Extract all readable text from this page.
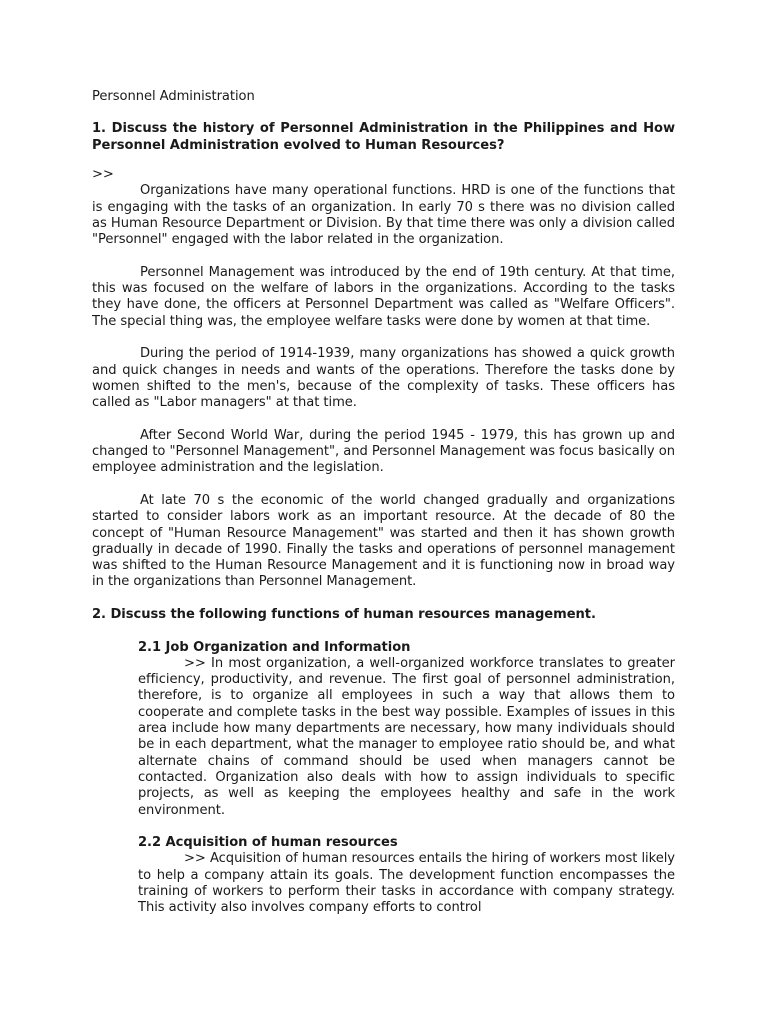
Personnel Administration

1. Discuss the history of Personnel Administration in the Philippines and How Personnel Administration evolved to Human Resources?

>>

Organizations have many operational functions. HRD is one of the functions that is engaging with the tasks of an organization. In early 70 s there was no division called as Human Resource Department or Division. By that time there was only a division called "Personnel" engaged with the labor related in the organization.

Personnel Management was introduced by the end of 19th century. At that time, this was focused on the welfare of labors in the organizations. According to the tasks they have done, the officers at Personnel Department was called as "Welfare Officers". The special thing was, the employee welfare tasks were done by women at that time.

During the period of 1914-1939, many organizations has showed a quick growth and quick changes in needs and wants of the operations. Therefore the tasks done by women shifted to the men's, because of the complexity of tasks. These officers has called as "Labor managers" at that time.

After Second World War, during the period 1945 - 1979, this has grown up and changed to "Personnel Management", and Personnel Management was focus basically on employee administration and the legislation.

At late 70 s the economic of the world changed gradually and organizations started to consider labors work as an important resource. At the decade of 80 the concept of "Human Resource Management" was started and then it has shown growth gradually in decade of 1990. Finally the tasks and operations of personnel management was shifted to the Human Resource Management and it is functioning now in broad way in the organizations than Personnel Management.

2. Discuss the following functions of human resources management.

2.1 Job Organization and Information

>> In most organization, a well-organized workforce translates to greater efficiency, productivity, and revenue. The first goal of personnel administration, therefore, is to organize all employees in such a way that allows them to cooperate and complete tasks in the best way possible. Examples of issues in this area include how many departments are necessary, how many individuals should be in each department, what the manager to employee ratio should be, and what alternate chains of command should be used when managers cannot be contacted. Organization also deals with how to assign individuals to specific projects, as well as keeping the employees healthy and safe in the work environment.

2.2 Acquisition of human resources

>> Acquisition of human resources entails the hiring of workers most likely to help a company attain its goals. The development function encompasses the training of workers to perform their tasks in accordance with company strategy. This activity also involves company efforts to control
